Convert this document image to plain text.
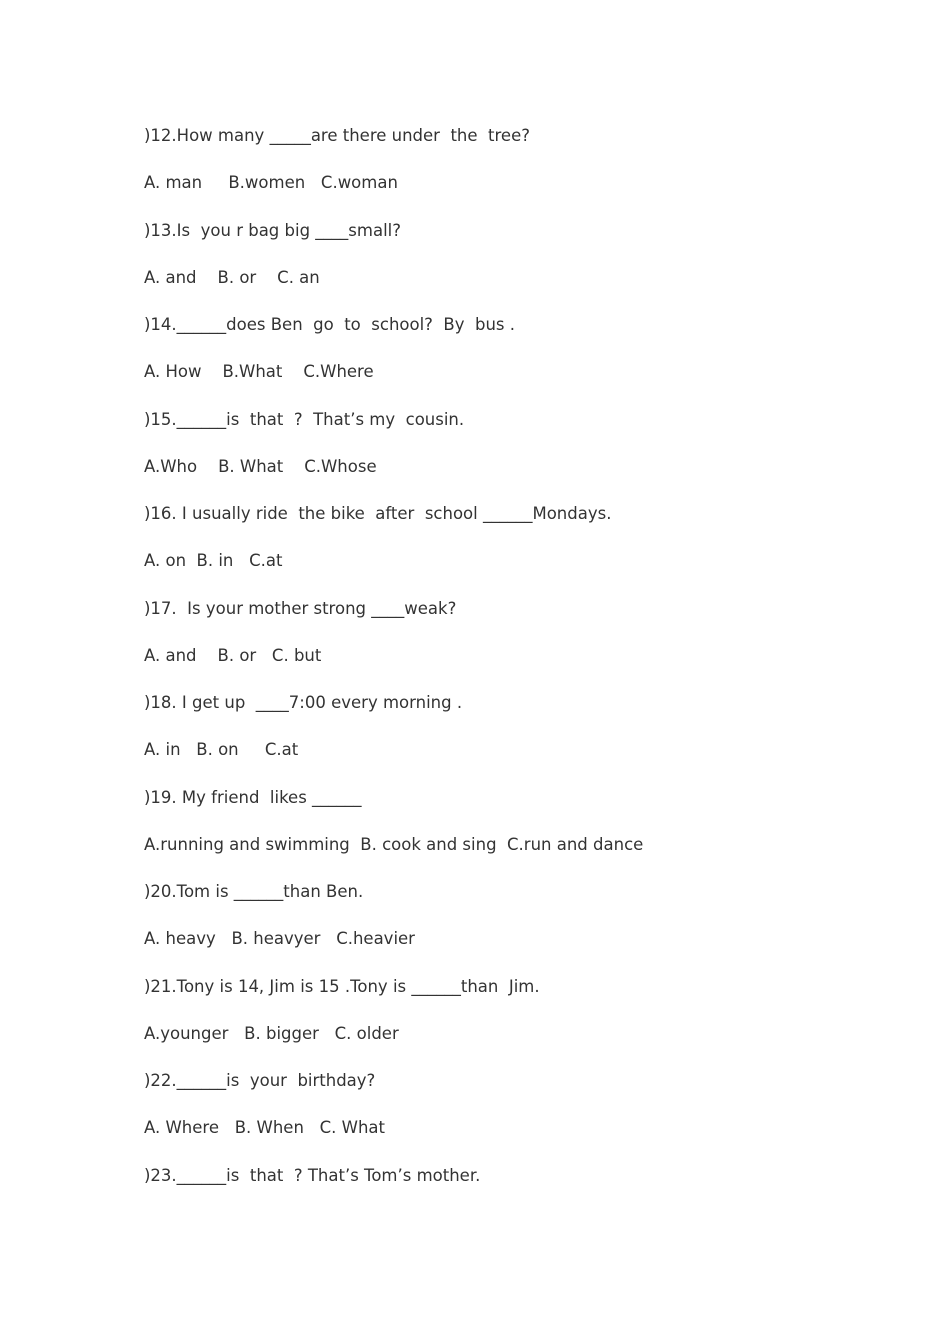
)12.How many _____are there under  the  tree?
A. man     B.women   C.woman
)13.Is  you r bag big ____small?
A. and    B. or    C. an
)14.______does Ben  go  to  school?  By  bus .
A. How    B.What    C.Where
)15.______is  that  ?  That’s my  cousin.
A.Who    B. What    C.Whose
)16. I usually ride  the bike  after  school ______Mondays.
A. on  B. in   C.at
)17.  Is your mother strong ____weak?
A. and    B. or   C. but
)18. I get up  ____7:00 every morning .
A. in   B. on     C.at
)19. My friend  likes ______
A.running and swimming  B. cook and sing  C.run and dance
)20.Tom is ______than Ben.
A. heavy   B. heavyer   C.heavier
)21.Tony is 14, Jim is 15 .Tony is ______than  Jim.
A.younger   B. bigger   C. older
)22.______is  your  birthday?
A. Where   B. When   C. What
)23.______is  that  ? That’s Tom’s mother.
